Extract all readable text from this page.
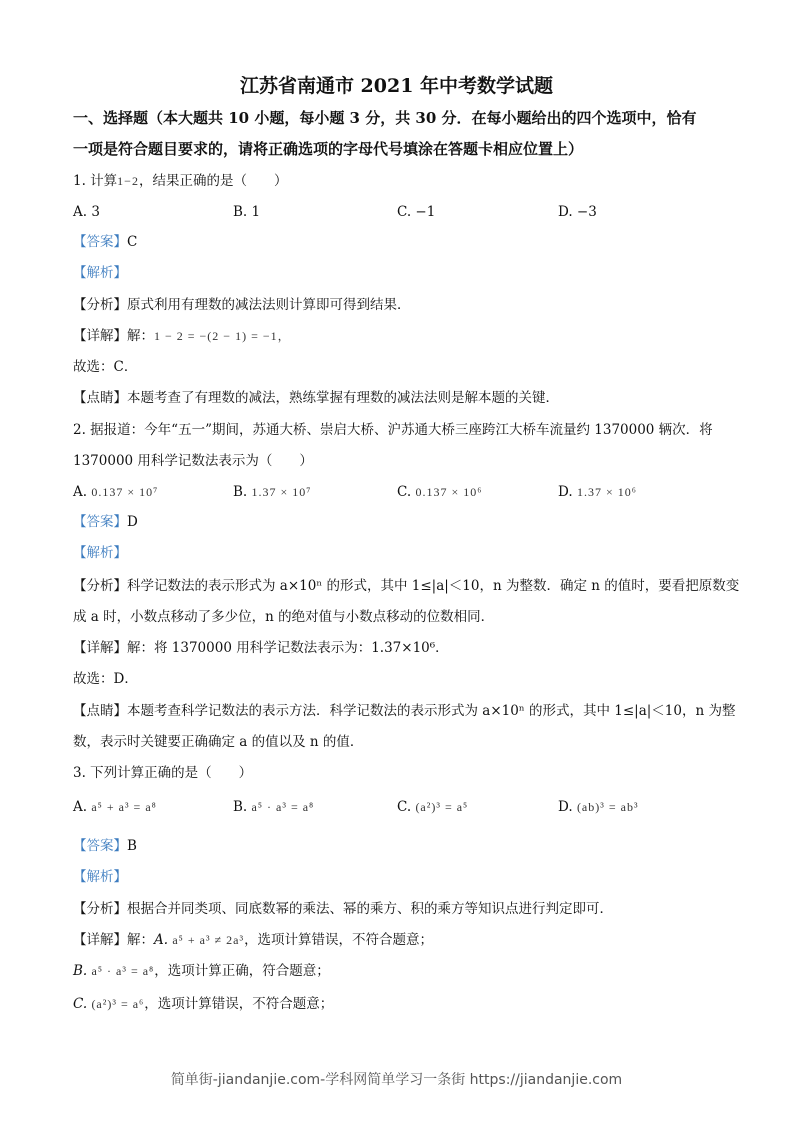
江苏省南通市 2021 年中考数学试题
一、选择题（本大题共 10 小题，每小题 3 分，共 30 分．在每小题给出的四个选项中，恰有
一项是符合题目要求的，请将正确选项的字母代号填涂在答题卡相应位置上）
1. 计算1−2，结果正确的是（　　）
A. 3	B. 1	C. −1	D. −3
【答案】C
【解析】
【分析】原式利用有理数的减法法则计算即可得到结果．
【详解】解：1 − 2 = −(2 − 1) = −1，
故选：C．
【点睛】本题考查了有理数的减法，熟练掌握有理数的减法法则是解本题的关键．
2. 据报道：今年“五一”期间，苏通大桥、崇启大桥、沪苏通大桥三座跨江大桥车流量约 1370000 辆次．将
1370000 用科学记数法表示为（　　）
A. 0.137 × 10⁷	B. 1.37 × 10⁷	C. 0.137 × 10⁶	D. 1.37 × 10⁶
【答案】D
【解析】
【分析】科学记数法的表示形式为 a×10ⁿ 的形式，其中 1≤|a|＜10，n 为整数．确定 n 的值时，要看把原数变
成 a 时，小数点移动了多少位，n 的绝对值与小数点移动的位数相同．
【详解】解：将 1370000 用科学记数法表示为：1.37×10⁶．
故选：D．
【点睛】本题考查科学记数法的表示方法．科学记数法的表示形式为 a×10ⁿ 的形式，其中 1≤|a|＜10，n 为整
数，表示时关键要正确确定 a 的值以及 n 的值．
3. 下列计算正确的是（　　）
A. a⁵ + a³ = a⁸	B. a⁵ · a³ = a⁸	C. (a²)³ = a⁵	D. (ab)³ = ab³
【答案】B
【解析】
【分析】根据合并同类项、同底数幂的乘法、幂的乘方、积的乘方等知识点进行判定即可．
【详解】解：A. a⁵ + a³ ≠ 2a³，选项计算错误，不符合题意；
B. a⁵ · a³ = a⁸，选项计算正确，符合题意；
C. (a²)³ = a⁶，选项计算错误，不符合题意；
简单街-jiandanjie.com-学科网简单学习一条街 https://jiandanjie.com
